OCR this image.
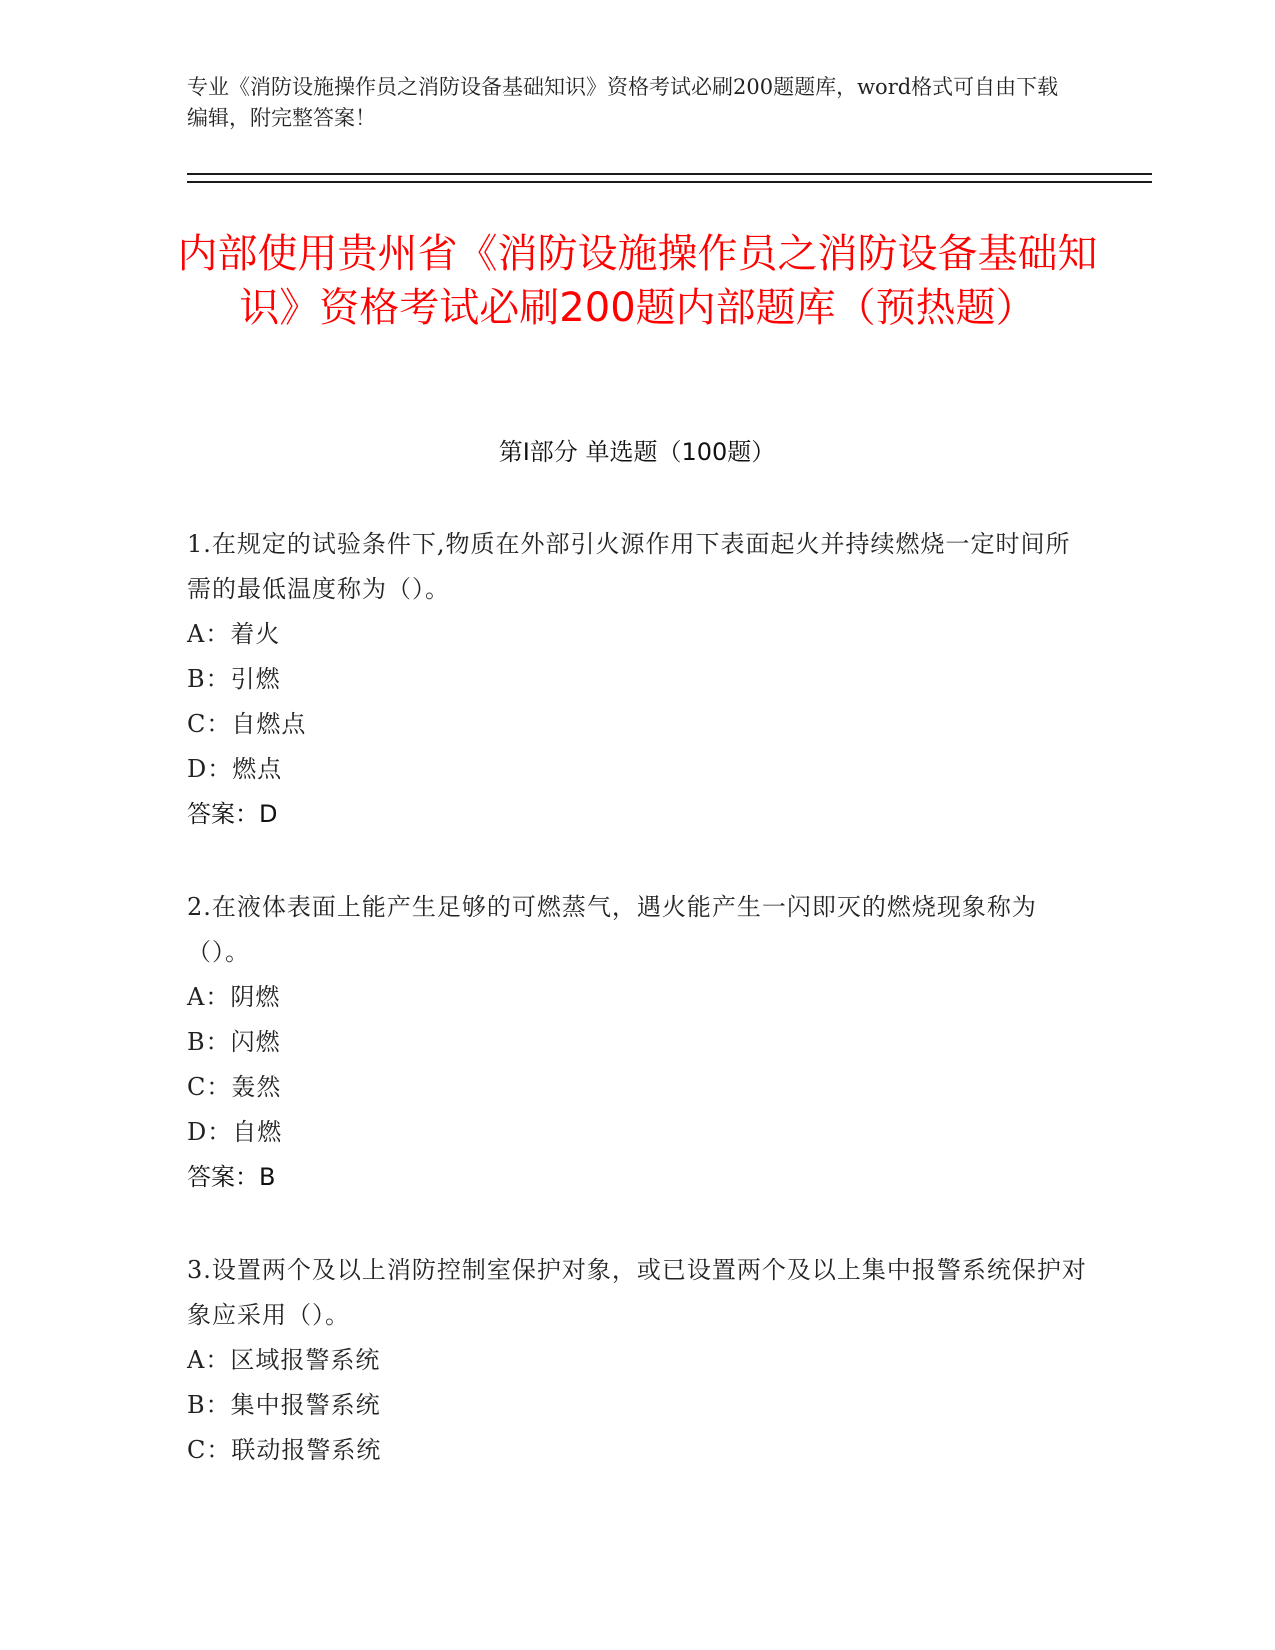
专业《消防设施操作员之消防设备基础知识》资格考试必刷200题题库，word格式可自由下载编辑，附完整答案！
内部使用贵州省《消防设施操作员之消防设备基础知识》资格考试必刷200题内部题库（预热题）
第Ⅰ部分 单选题（100题）
1.在规定的试验条件下,物质在外部引火源作用下表面起火并持续燃烧一定时间所需的最低温度称为（）。
A：着火
B：引燃
C：自燃点
D：燃点
答案：D
2.在液体表面上能产生足够的可燃蒸气，遇火能产生一闪即灭的燃烧现象称为（）。
A：阴燃
B：闪燃
C：轰然
D：自燃
答案：B
3.设置两个及以上消防控制室保护对象，或已设置两个及以上集中报警系统保护对象应采用（）。
A：区域报警系统
B：集中报警系统
C：联动报警系统
